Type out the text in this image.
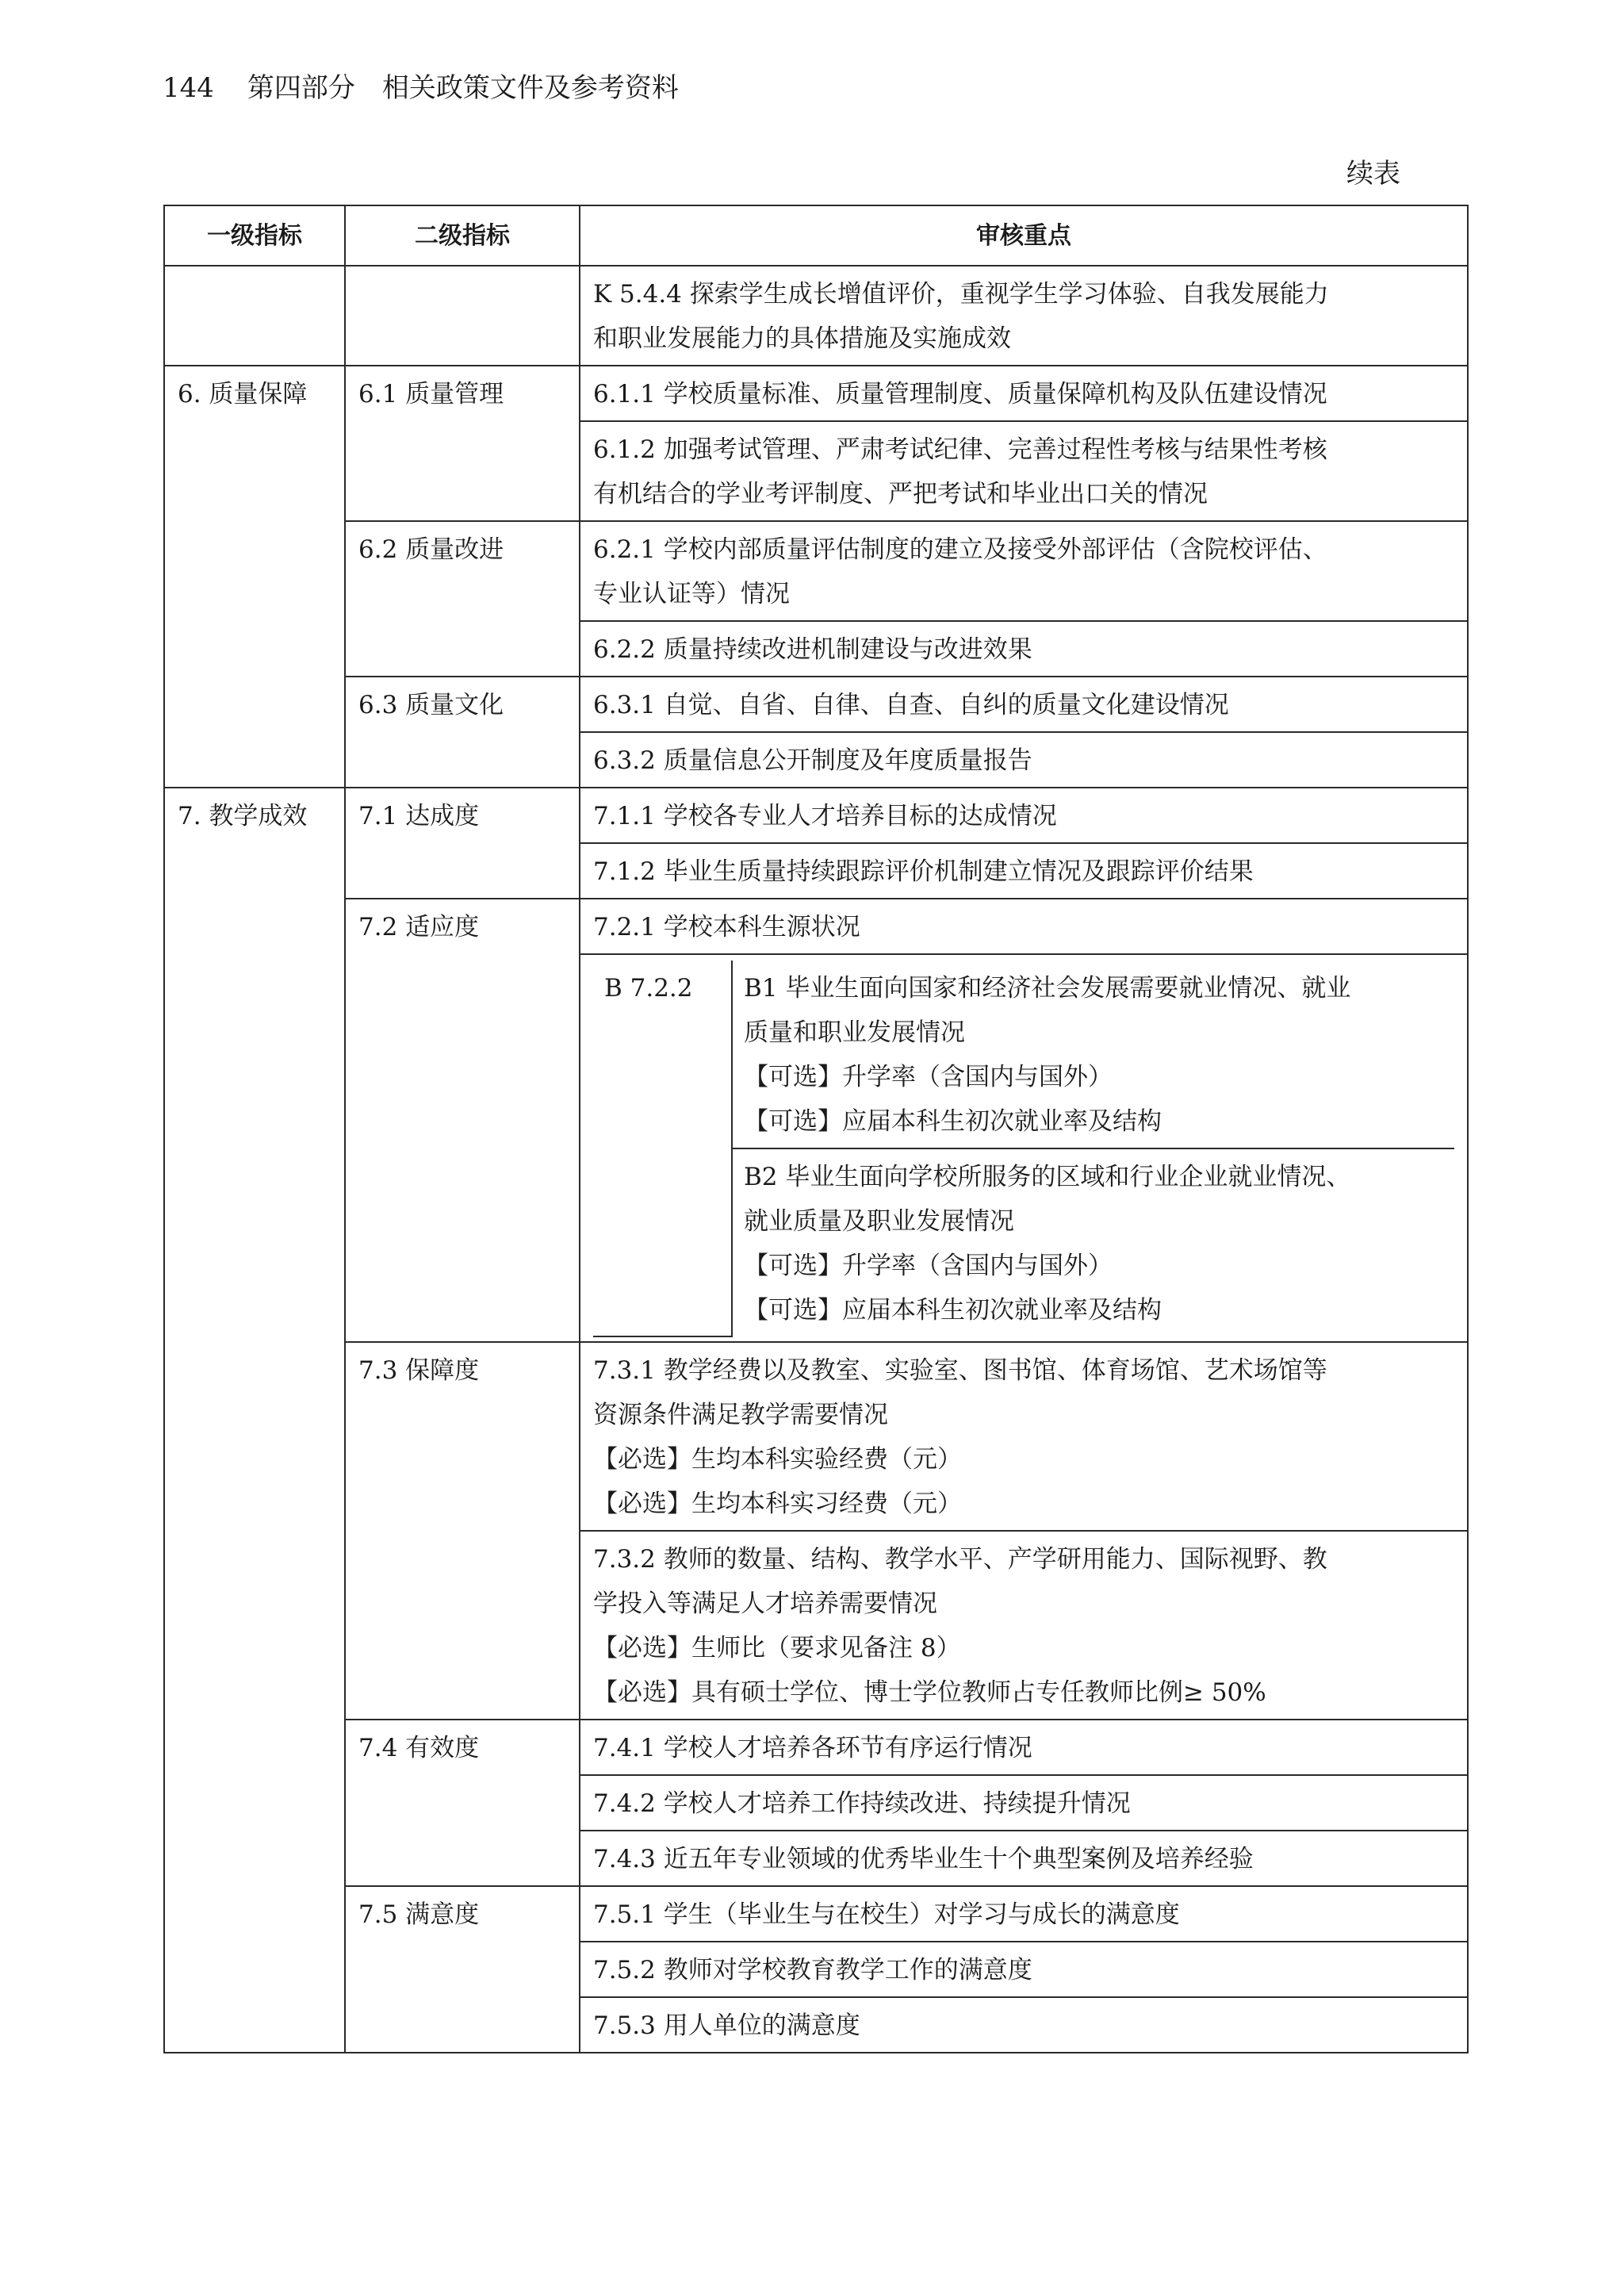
144 第四部分　相关政策文件及参考资料
续表
一级指标	二级指标	审核重点

K 5.4.4 探索学生成长增值评价，重视学生学习体验、自我发展能力
和职业发展能力的具体措施及实施成效

6. 质量保障	6.1 质量管理	6.1.1 学校质量标准、质量管理制度、质量保障机构及队伍建设情况

6.1.2 加强考试管理、严肃考试纪律、完善过程性考核与结果性考核
有机结合的学业考评制度、严把考试和毕业出口关的情况

6.2 质量改进	6.2.1 学校内部质量评估制度的建立及接受外部评估（含院校评估、
专业认证等）情况

6.2.2 质量持续改进机制建设与改进效果
6.3 质量文化	6.3.1 自觉、自省、自律、自查、自纠的质量文化建设情况
6.3.2 质量信息公开制度及年度质量报告
7. 教学成效	7.1 达成度	7.1.1 学校各专业人才培养目标的达成情况
7.1.2 毕业生质量持续跟踪评价机制建立情况及跟踪评价结果
7.2 适应度	7.2.1 学校本科生源状况

B 7.2.2	B1 毕业生面向国家和经济社会发展需要就业情况、就业
质量和职业发展情况
【可选】升学率（含国内与国外）
【可选】应届本科生初次就业率及结构

B2 毕业生面向学校所服务的区域和行业企业就业情况、
就业质量及职业发展情况
【可选】升学率（含国内与国外）
【可选】应届本科生初次就业率及结构

7.3 保障度	7.3.1 教学经费以及教室、实验室、图书馆、体育场馆、艺术场馆等
资源条件满足教学需要情况
【必选】生均本科实验经费（元）
【必选】生均本科实习经费（元）

7.3.2 教师的数量、结构、教学水平、产学研用能力、国际视野、教
学投入等满足人才培养需要情况
【必选】生师比（要求见备注 8）
【必选】具有硕士学位、博士学位教师占专任教师比例≥ 50%

7.4 有效度	7.4.1 学校人才培养各环节有序运行情况
7.4.2 学校人才培养工作持续改进、持续提升情况
7.4.3 近五年专业领域的优秀毕业生十个典型案例及培养经验
7.5 满意度	7.5.1 学生（毕业生与在校生）对学习与成长的满意度
7.5.2 教师对学校教育教学工作的满意度
7.5.3 用人单位的满意度
